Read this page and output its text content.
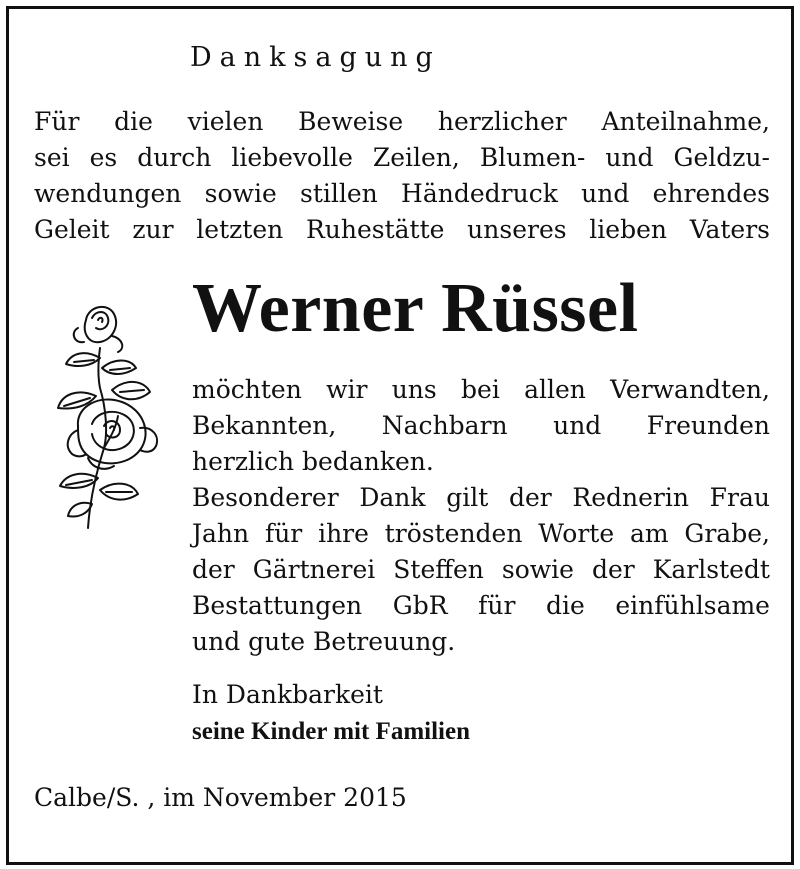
Danksagung
Für die vielen Beweise herzlicher Anteilnahme,
sei es durch liebevolle Zeilen, Blumen- und Geldzu-
wendungen sowie stillen Händedruck und ehrendes
Geleit zur letzten Ruhestätte unseres lieben Vaters
Werner Rüssel
möchten wir uns bei allen Verwandten,
Bekannten, Nachbarn und Freunden
herzlich bedanken.
Besonderer Dank gilt der Rednerin Frau
Jahn für ihre tröstenden Worte am Grabe,
der Gärtnerei Steffen sowie der Karlstedt
Bestattungen GbR für die einfühlsame
und gute Betreuung.
In Dankbarkeit
seine Kinder mit Familien
Calbe/S. , im November 2015
